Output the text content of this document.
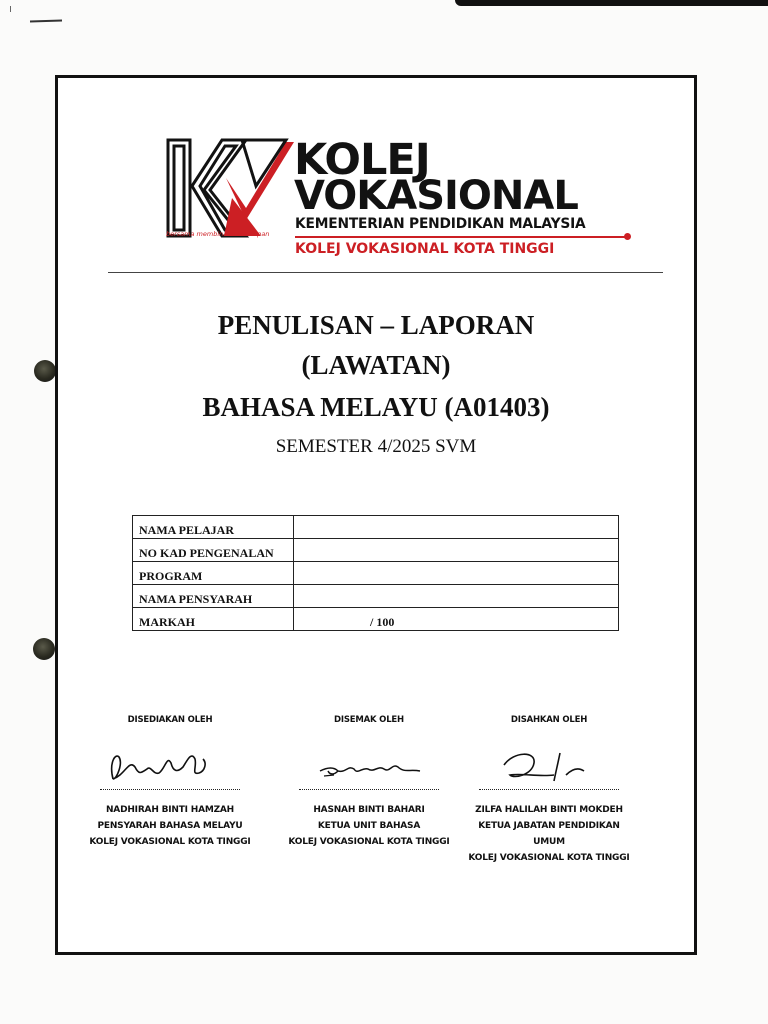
bersama membina masa depan
KOLEJ
VOKASIONAL
KEMENTERIAN PENDIDIKAN MALAYSIA
KOLEJ VOKASIONAL KOTA TINGGI
PENULISAN – LAPORAN
(LAWATAN)
BAHASA MELAYU (A01403)
SEMESTER 4/2025 SVM
NAMA PELAJAR	
NO KAD PENGENALAN	
PROGRAM	
NAMA PENSYARAH	
MARKAH	/ 100
DISEDIAKAN OLEH
NADHIRAH BINTI HAMZAH
PENSYARAH BAHASA MELAYU
KOLEJ VOKASIONAL KOTA TINGGI
DISEMAK OLEH
HASNAH BINTI BAHARI
KETUA UNIT BAHASA
KOLEJ VOKASIONAL KOTA TINGGI
DISAHKAN OLEH
ZILFA HALILAH BINTI MOKDEH
KETUA JABATAN PENDIDIKAN
UMUM
KOLEJ VOKASIONAL KOTA TINGGI
